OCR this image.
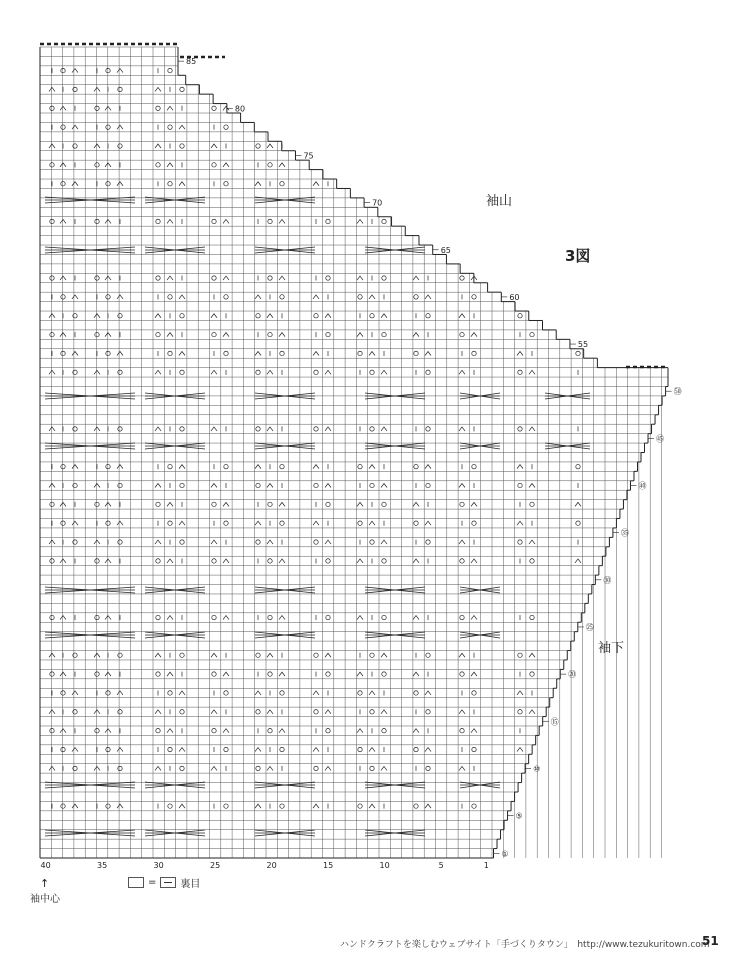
①
⑤
⑩
⑮
⑳
㉕
㉚
㉟
㊵
㊺
㊿
55
60
65
70
75
80
85
40	35	30	25	20	15	10	5	1
3図
袖山
袖下
↑
袖中心
= 裏目
ハンドクラフトを楽しむウェブサイト「手づくりタウン」　http://www.tezukuritown.com
51
